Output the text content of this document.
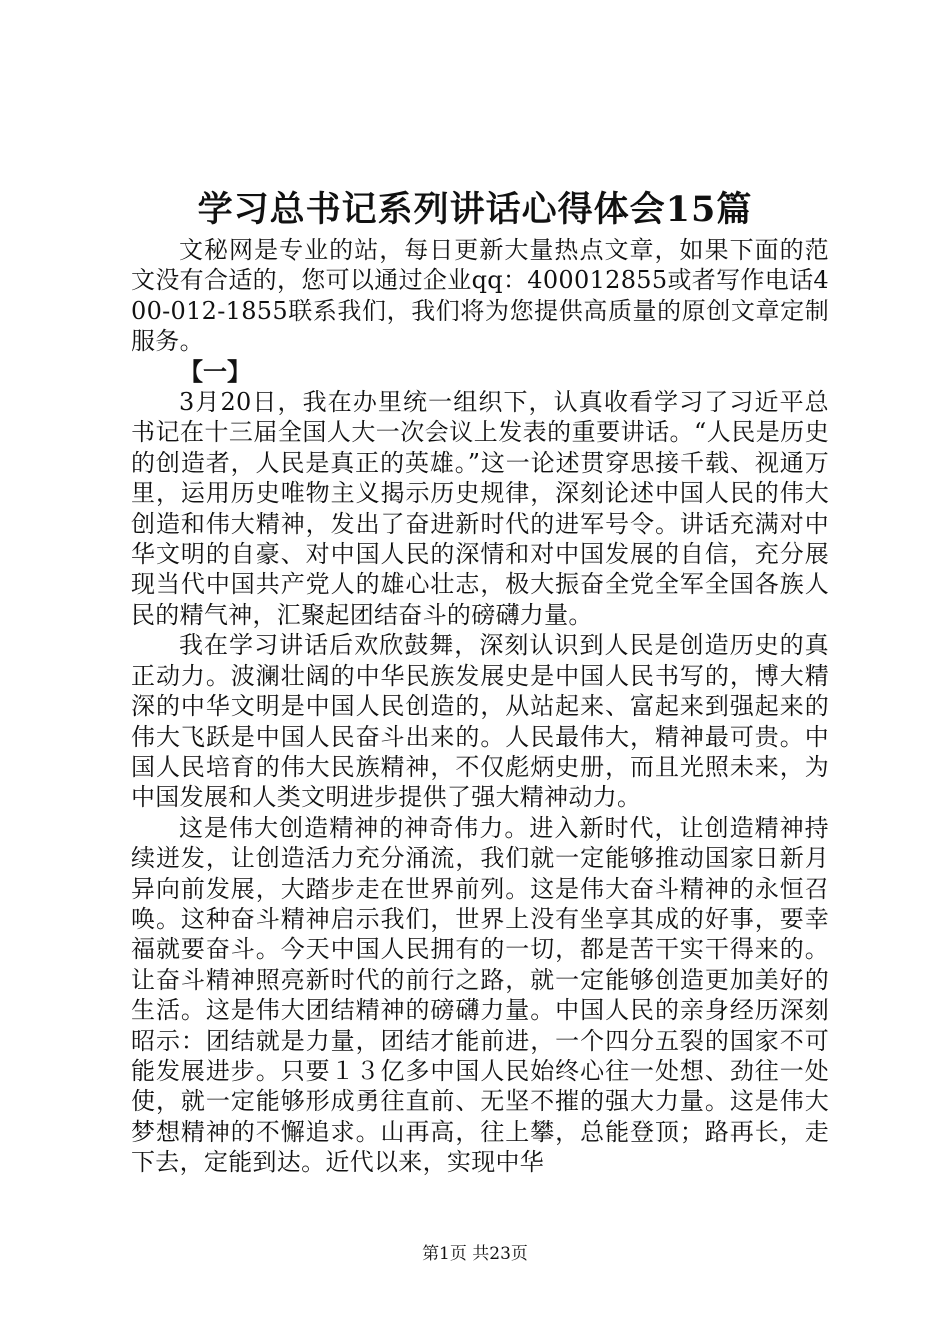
学习总书记系列讲话心得体会15篇

文秘网是专业的站，每日更新大量热点文章，如果下面的范文没有合适的，您可以通过企业qq：400012855或者写作电话400-012-1855联系我们，我们将为您提供高质量的原创文章定制服务。

【一】

3月20日，我在办里统一组织下，认真收看学习了习近平总书记在十三届全国人大一次会议上发表的重要讲话。“人民是历史的创造者，人民是真正的英雄。”这一论述贯穿思接千载、视通万里，运用历史唯物主义揭示历史规律，深刻论述中国人民的伟大创造和伟大精神，发出了奋进新时代的进军号令。讲话充满对中华文明的自豪、对中国人民的深情和对中国发展的自信，充分展现当代中国共产党人的雄心壮志，极大振奋全党全军全国各族人民的精气神，汇聚起团结奋斗的磅礴力量。

我在学习讲话后欢欣鼓舞，深刻认识到人民是创造历史的真正动力。波澜壮阔的中华民族发展史是中国人民书写的，博大精深的中华文明是中国人民创造的，从站起来、富起来到强起来的伟大飞跃是中国人民奋斗出来的。人民最伟大，精神最可贵。中国人民培育的伟大民族精神，不仅彪炳史册，而且光照未来，为中国发展和人类文明进步提供了强大精神动力。

这是伟大创造精神的神奇伟力。进入新时代，让创造精神持续迸发，让创造活力充分涌流，我们就一定能够推动国家日新月异向前发展，大踏步走在世界前列。这是伟大奋斗精神的永恒召唤。这种奋斗精神启示我们，世界上没有坐享其成的好事，要幸福就要奋斗。今天中国人民拥有的一切，都是苦干实干得来的。让奋斗精神照亮新时代的前行之路，就一定能够创造更加美好的生活。这是伟大团结精神的磅礴力量。中国人民的亲身经历深刻昭示：团结就是力量，团结才能前进，一个四分五裂的国家不可能发展进步。只要１３亿多中国人民始终心往一处想、劲往一处使，就一定能够形成勇往直前、无坚不摧的强大力量。这是伟大梦想精神的不懈追求。山再高，往上攀，总能登顶；路再长，走下去，定能到达。近代以来，实现中华

第1页 共23页
